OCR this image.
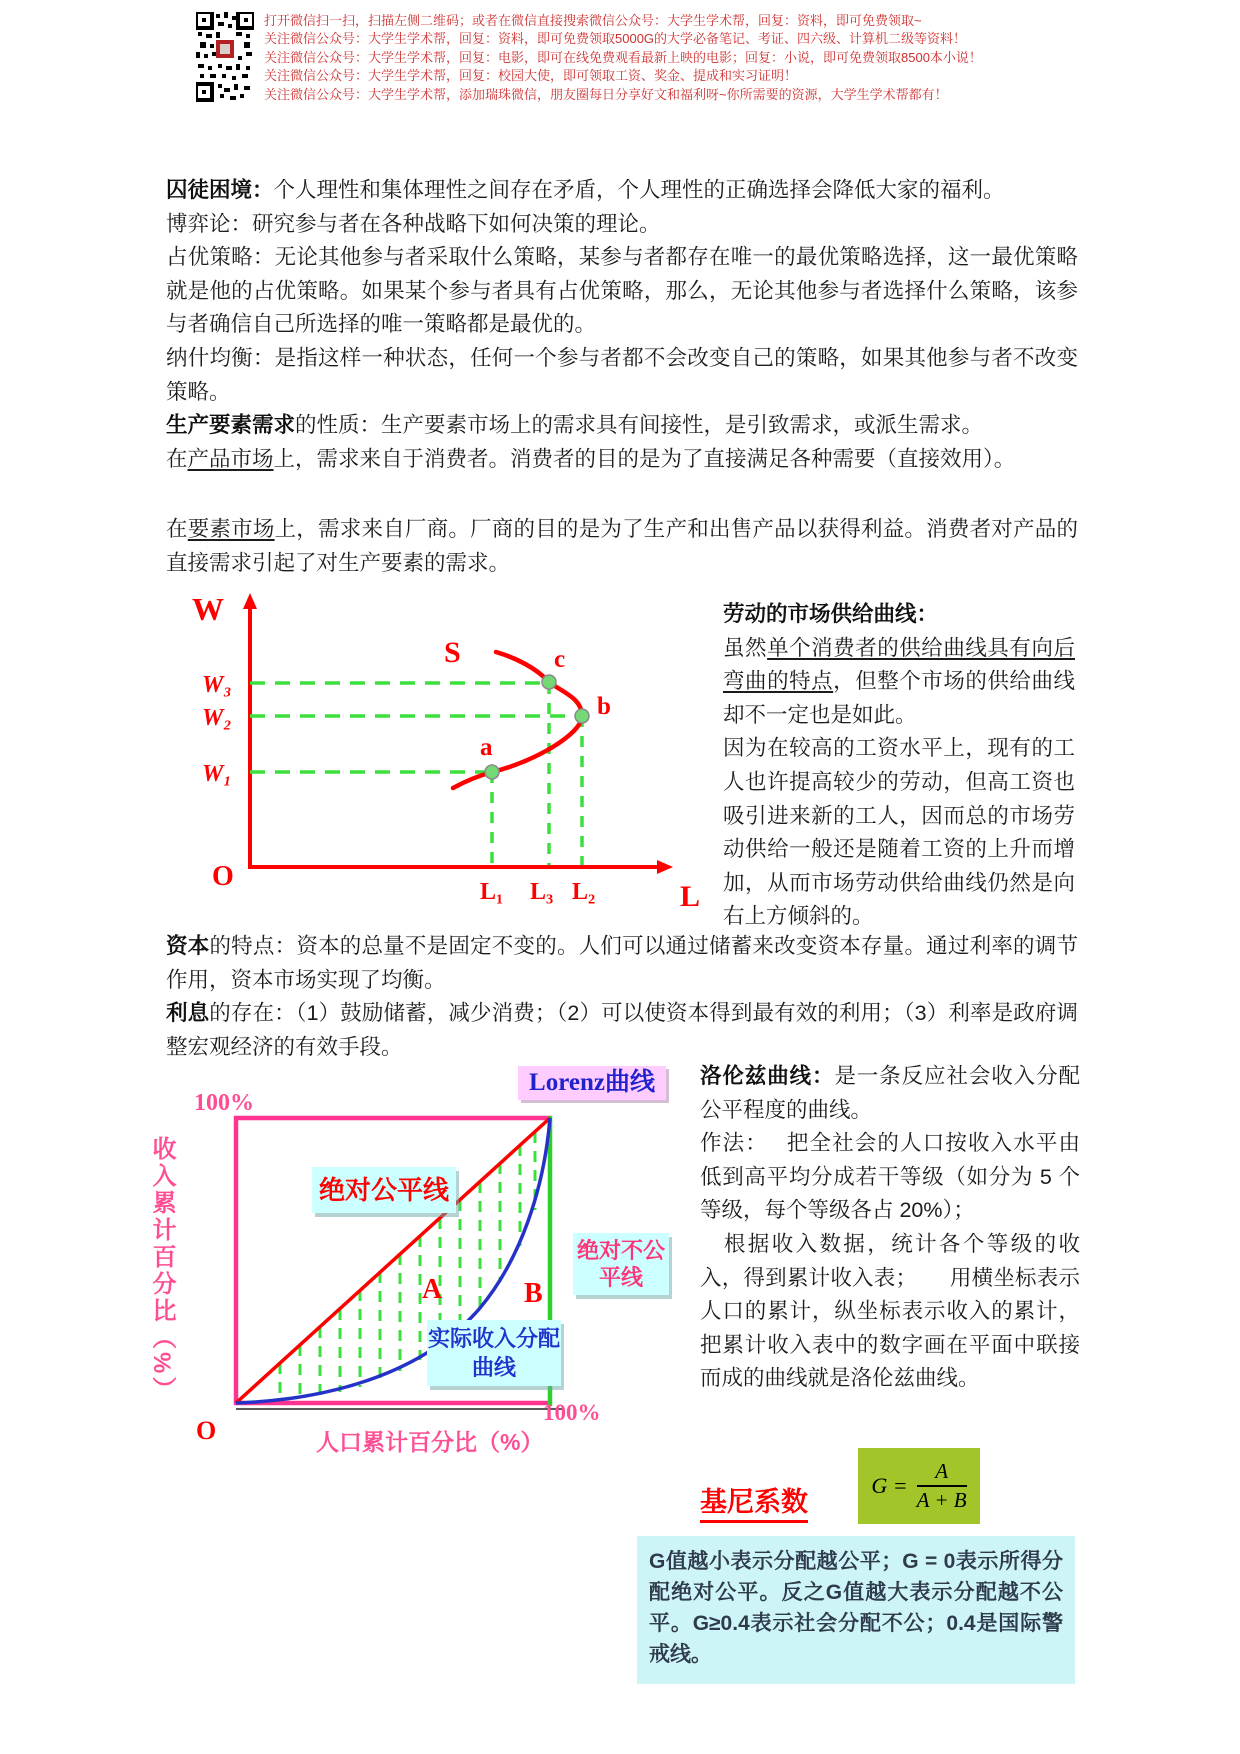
打开微信扫一扫，扫描左侧二维码；或者在微信直接搜索微信公众号：大学生学术帮，回复：资料，即可免费领取~
关注微信公众号：大学生学术帮，回复：资料，即可免费领取5000G的大学必备笔记、考证、四六级、计算机二级等资料！
关注微信公众号：大学生学术帮，回复：电影，即可在线免费观看最新上映的电影；回复：小说，即可免费领取8500本小说！
关注微信公众号：大学生学术帮，回复：校园大使，即可领取工资、奖金、提成和实习证明！
关注微信公众号：大学生学术帮，添加瑞珠微信，朋友圈每日分享好文和福利呀~你所需要的资源，大学生学术帮都有！

囚徒困境：个人理性和集体理性之间存在矛盾，个人理性的正确选择会降低大家的福利。

博弈论：研究参与者在各种战略下如何决策的理论。

占优策略：无论其他参与者采取什么策略，某参与者都存在唯一的最优策略选择，这一最优策略就是他的占优策略。如果某个参与者具有占优策略，那么，无论其他参与者选择什么策略，该参与者确信自己所选择的唯一策略都是最优的。

纳什均衡：是指这样一种状态，任何一个参与者都不会改变自己的策略，如果其他参与者不改变策略。

生产要素需求的性质：生产要素市场上的需求具有间接性，是引致需求，或派生需求。

在产品市场上，需求来自于消费者。消费者的目的是为了直接满足各种需要（直接效用）。

在要素市场上，需求来自厂商。厂商的目的是为了生产和出售产品以获得利益。消费者对产品的直接需求引起了对生产要素的需求。

W
S	c
b
a
W₃
W₂
W₁
O	L₁ L₃ L₂	L

劳动的市场供给曲线：

虽然单个消费者的供给曲线具有向后弯曲的特点，但整个市场的供给曲线却不一定也是如此。

因为在较高的工资水平上，现有的工人也许提高较少的劳动，但高工资也吸引进来新的工人，因而总的市场劳动供给一般还是随着工资的上升而增加，从而市场劳动供给曲线仍然是向右上方倾斜的。

资本的特点：资本的总量不是固定不变的。人们可以通过储蓄来改变资本存量。通过利率的调节作用，资本市场实现了均衡。

利息的存在：（1）鼓励储蓄，减少消费；（2）可以使资本得到最有效的利用；（3）利率是政府调整宏观经济的有效手段。

A	B
Lorenz曲线
100%
收入累计百分比（%）	绝对公平线
绝对不公平线
实际收入分配曲线
O
100%
人口累计百分比（%）

洛伦兹曲线：是一条反应社会收入分配公平程度的曲线。

作法：　 把全社会的人口按收入水平由低到高平均分成若干等级（如分为 5 个等级，每个等级各占 20%）；

　根据收入数据，统计各个等级的收入，得到累计收入表；　　用横坐标表示人口的累计，纵坐标表示收入的累计，把累计收入表中的数字画在平面中联接而成的曲线就是洛伦兹曲线。

基尼系数
$G = \frac{A}{A + B}$
G值越小表示分配越公平；G = 0表示所得分配绝对公平。反之G值越大表示分配越不公平。G≥0.4表示社会分配不公；0.4是国际警戒线。
